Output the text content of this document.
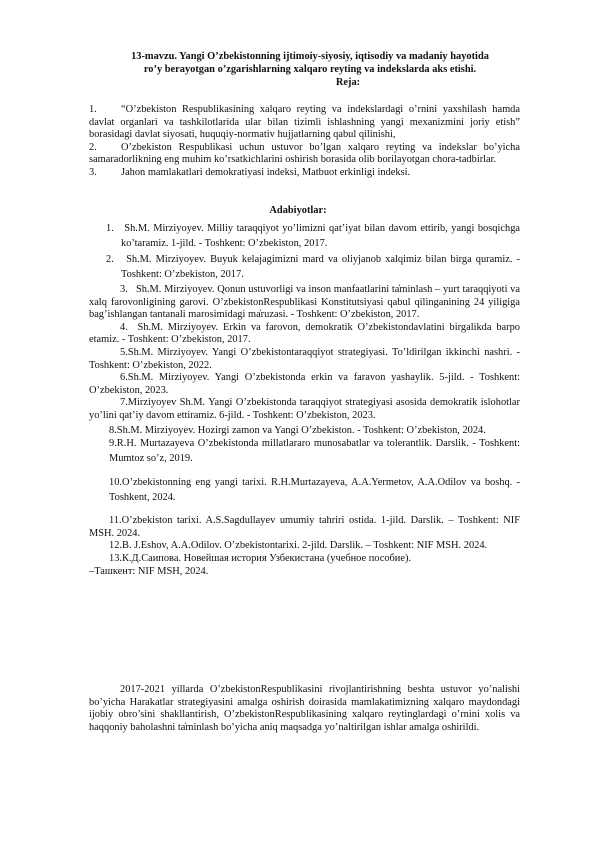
13-mavzu. Yangi O’zbekistonning ijtimoiy-siyosiy, iqtisodiy va madaniy hayotida
ro’y berayotgan o’zgarishlarning xalqaro reyting va indekslarda aks etishi.
Reja:
1.	“O’zbekiston Respublikasining xalqaro reyting va indekslardagi o’rnini yaxshilash hamda davlat organlari va tashkilotlarida ular bilan tizimli ishlashning yangi mexanizmini joriy etish” borasidagi davlat siyosati, huquqiy-normativ hujjatlarning qabul qilinishi,
2.	O’zbekiston Respublikasi uchun ustuvor bo’lgan xalqaro reyting va indekslar bo’yicha samaradorlikning eng muhim ko’rsatkichlarini oshirish borasida olib borilayotgan chora-tadbirlar.
3.	Jahon mamlakatlari demokratiyasi indeksi, Matbuot erkinligi indeksi.
Adabiyotlar:
1.   Sh.M. Mirziyoyev. Milliy taraqqiyot yo’limizni qat’iyat bilan davom ettirib, yangi bosqichga ko’taramiz. 1-jild. - Toshkent: O’zbekiston, 2017.
2.   Sh.M. Mirziyoyev. Buyuk kelajagimizni mard va oliyjanob xalqimiz bilan birga quramiz. - Toshkent: O’zbekiston, 2017.
3.   Sh.M. Mirziyoyev. Qonun ustuvorligi va inson manfaatlarini ta̓minlash – yurt taraqqiyoti va xalq farovonligining garovi. O’zbekistonRespublikasi Konstitutsiyasi qabul qilinganining 24 yiligiga bag’ishlangan tantanali marosimidagi ma̓ruzasi. - Toshkent: O’zbekiston, 2017.
4.  Sh.M. Mirziyoyev. Erkin va farovon, demokratik O’zbekistondavlatini birgalikda barpo etamiz. - Toshkent: O’zbekiston, 2017.
5.Sh.M. Mirziyoyev. Yangi O’zbekistontaraqqiyot strategiyasi. To’ldirilgan ikkinchi nashri. - Toshkent: O’zbekiston, 2022.
6.Sh.M. Mirziyoyev. Yangi O’zbekistonda erkin va faravon yashaylik. 5-jild. - Toshkent: O’zbekiston, 2023.
7.Mirziyoyev Sh.M. Yangi O’zbekistonda taraqqiyot strategiyasi asosida demokratik islohotlar yo’lini qat’iy davom ettiramiz. 6-jild. - Toshkent: O’zbekiston, 2023.
8.Sh.M. Mirziyoyev. Hozirgi zamon va Yangi O’zbekiston. - Toshkent: O’zbekiston, 2024.
9.R.H. Murtazayeva O’zbekistonda millatlararo munosabatlar va tolerantlik. Darslik. - Toshkent: Mumtoz so’z, 2019.
10.O’zbekistonning eng yangi tarixi. R.H.Murtazayeva, A.A.Yermetov, A.A.Odilov va boshq. - Toshkent, 2024.
11.O’zbekiston tarixi. A.S.Sagdullayev umumiy tahriri ostida. 1-jild. Darslik. – Toshkent: NIF MSH. 2024.
12.B. J.Eshov, A.A.Odilov. O’zbekistontarixi. 2-jild. Darslik. – Toshkent: NIF MSH. 2024.
13.К.Д.Саипова. Новейшая история Узбекистана (учебное пособие).
–Ташкент: NIF MSH, 2024.

2017-2021 yillarda O’zbekistonRespublikasini rivojlantirishning beshta ustuvor yo’nalishi bo’yicha Harakatlar strategiyasini amalga oshirish doirasida mamlakatimizning xalqaro maydondagi ijobiy obro’sini shakllantirish, O’zbekistonRespublikasining xalqaro reytinglardagi o’rnini xolis va haqqoniy baholashni ta̓minlash bo’yicha aniq maqsadga yo’naltirilgan ishlar amalga oshirildi.
